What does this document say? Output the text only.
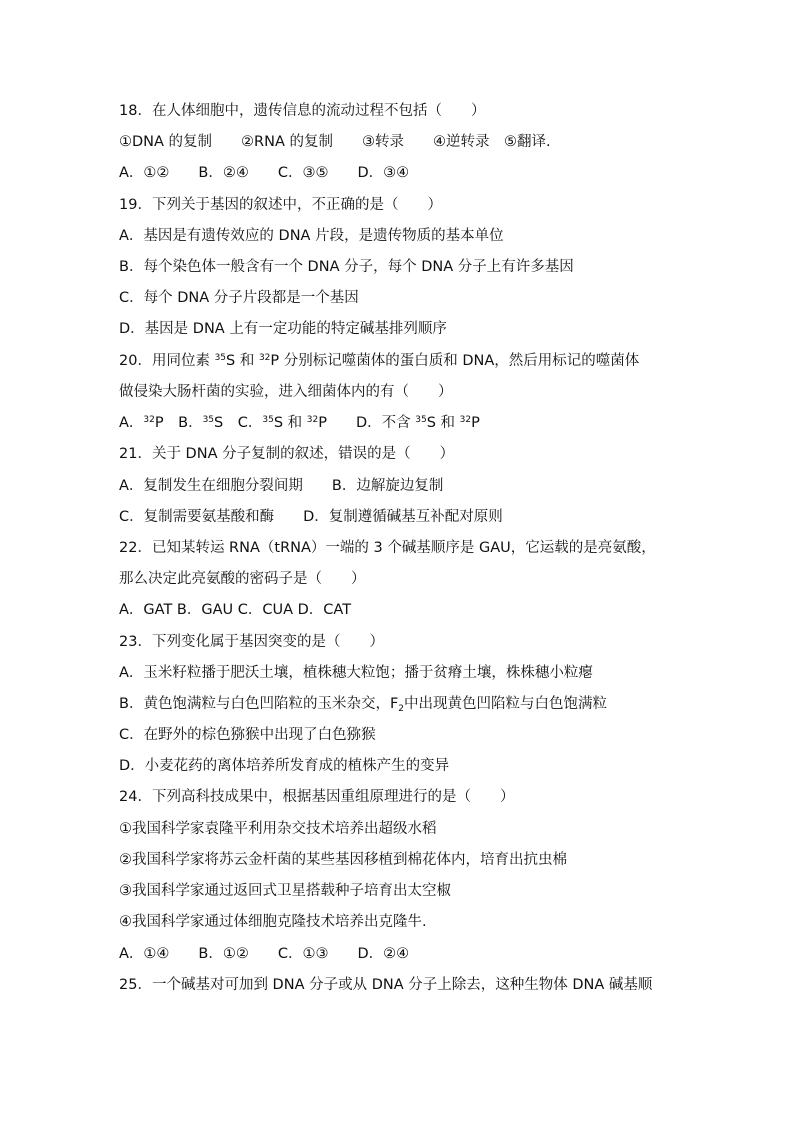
18．在人体细胞中，遗传信息的流动过程不包括（　　）
①DNA 的复制　　②RNA 的复制　　③转录　　④逆转录　⑤翻译.
A．①②　　B．②④　　C．③⑤　　D．③④
19．下列关于基因的叙述中，不正确的是（　　）
A．基因是有遗传效应的 DNA 片段，是遗传物质的基本单位
B．每个染色体一般含有一个 DNA 分子，每个 DNA 分子上有许多基因
C．每个 DNA 分子片段都是一个基因
D．基因是 DNA 上有一定功能的特定碱基排列顺序
20．用同位素 $^{35}$S 和 $^{32}$P 分别标记噬菌体的蛋白质和 DNA，然后用标记的噬菌体
做侵染大肠杆菌的实验，进入细菌体内的有（　　）
A．$^{32}$P　B．$^{35}$S　C．$^{35}$S 和 $^{32}$P　　D．不含 $^{35}$S 和 $^{32}$P
21．关于 DNA 分子复制的叙述，错误的是（　　）
A．复制发生在细胞分裂间期　　B．边解旋边复制
C．复制需要氨基酸和酶　　D．复制遵循碱基互补配对原则
22．已知某转运 RNA（tRNA）一端的 3 个碱基顺序是 GAU，它运载的是亮氨酸，
那么决定此亮氨酸的密码子是（　　）
A．GAT B．GAU C．CUA D．CAT
23．下列变化属于基因突变的是（　　）
A．玉米籽粒播于肥沃土壤，植株穗大粒饱；播于贫瘠土壤，株株穗小粒瘪
B．黄色饱满粒与白色凹陷粒的玉米杂交，$F_2$中出现黄色凹陷粒与白色饱满粒
C．在野外的棕色猕猴中出现了白色猕猴
D．小麦花药的离体培养所发育成的植株产生的变异
24．下列高科技成果中，根据基因重组原理进行的是（　　）
①我国科学家袁隆平利用杂交技术培养出超级水稻
②我国科学家将苏云金杆菌的某些基因移植到棉花体内，培育出抗虫棉
③我国科学家通过返回式卫星搭载种子培育出太空椒
④我国科学家通过体细胞克隆技术培养出克隆牛.
A．①④　　B．①②　　C．①③　　D．②④
25．一个碱基对可加到 DNA 分子或从 DNA 分子上除去，这种生物体 DNA 碱基顺
